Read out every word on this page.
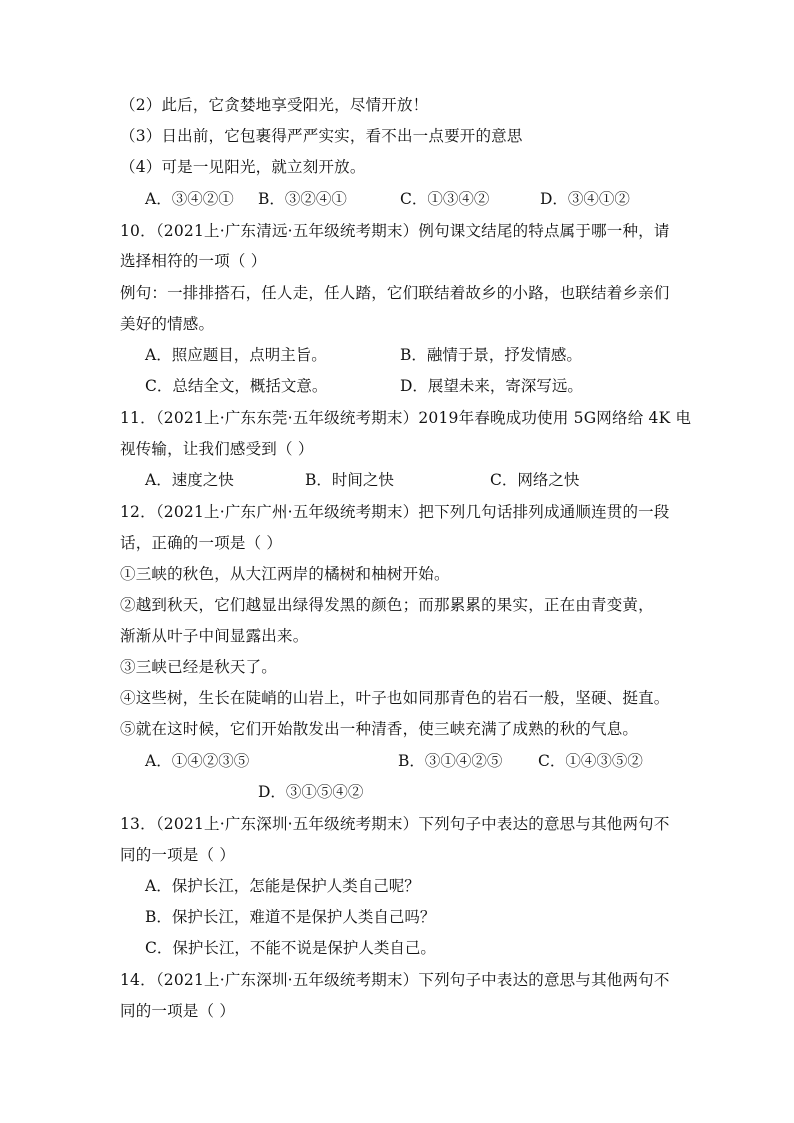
（2）此后，它贪婪地享受阳光，尽情开放！
（3）日出前，它包裹得严严实实，看不出一点要开的意思
（4）可是一见阳光，就立刻开放。
A．③④②① B．③②④①	C．①③④②	D．③④①②
10．（2021上·广东清远·五年级统考期末）例句课文结尾的特点属于哪一种，请
选择相符的一项（ ）
例句：一排排搭石，任人走，任人踏，它们联结着故乡的小路，也联结着乡亲们
美好的情感。
A．照应题目，点明主旨。	B．融情于景，抒发情感。
C．总结全文，概括文意。	D．展望未来，寄深写远。
11．（2021上·广东东莞·五年级统考期末）2019年春晚成功使用 5G网络给 4K 电
视传输，让我们感受到（ ）
A．速度之快	B．时间之快	C．网络之快
12．（2021上·广东广州·五年级统考期末）把下列几句话排列成通顺连贯的一段
话，正确的一项是（ ）
①三峡的秋色，从大江两岸的橘树和柚树开始。
②越到秋天，它们越显出绿得发黑的颜色；而那累累的果实，正在由青变黄，
渐渐从叶子中间显露出来。
③三峡已经是秋天了。
④这些树，生长在陡峭的山岩上，叶子也如同那青色的岩石一般，坚硬、挺直。
⑤就在这时候，它们开始散发出一种清香，使三峡充满了成熟的秋的气息。
A．①④②③⑤	B．③①④②⑤ C．①④③⑤②
D．③①⑤④②
13．（2021上·广东深圳·五年级统考期末）下列句子中表达的意思与其他两句不
同的一项是（ ）
A．保护长江，怎能是保护人类自己呢？
B．保护长江，难道不是保护人类自己吗？
C．保护长江，不能不说是保护人类自己。
14．（2021上·广东深圳·五年级统考期末）下列句子中表达的意思与其他两句不
同的一项是（ ）
